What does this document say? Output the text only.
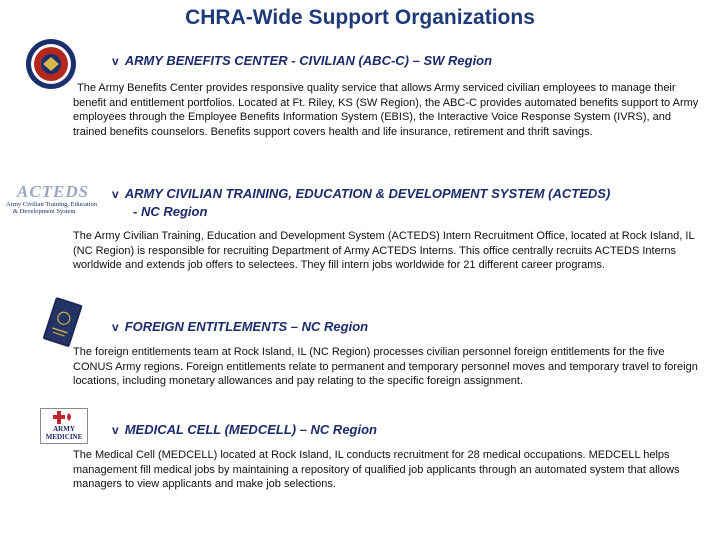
CHRA-Wide Support Organizations
v ARMY BENEFITS CENTER - CIVILIAN (ABC-C) – SW Region
The Army Benefits Center provides responsive quality service that allows Army serviced civilian employees to manage their benefit and entitlement portfolios. Located at Ft. Riley, KS (SW Region), the ABC-C provides automated benefits support to Army employees through the Employee Benefits Information System (EBIS), the Interactive Voice Response System (IVRS), and trained benefits counselors. Benefits support covers health and life insurance, retirement and thrift savings.
ACTEDS
Army Civilian Training, Education
& Development System
v ARMY CIVILIAN TRAINING, EDUCATION & DEVELOPMENT SYSTEM (ACTEDS)
- NC Region
The Army Civilian Training, Education and Development System (ACTEDS) Intern Recruitment Office, located at Rock Island, IL (NC Region) is responsible for recruiting Department of Army ACTEDS Interns. This office centrally recruits ACTEDS Interns worldwide and extends job offers to selectees. They fill intern jobs worldwide for 21 different career programs.
v FOREIGN ENTITLEMENTS – NC Region
The foreign entitlements team at Rock Island, IL (NC Region) processes civilian personnel foreign entitlements for the five CONUS Army regions. Foreign entitlements relate to permanent and temporary personnel moves and temporary travel to foreign locations, including monetary allowances and pay relating to the specific foreign assignment.
ARMY
MEDICINE	v MEDICAL CELL (MEDCELL) – NC Region
The Medical Cell (MEDCELL) located at Rock Island, IL conducts recruitment for 28 medical occupations. MEDCELL helps management fill medical jobs by maintaining a repository of qualified job applicants through an automated system that allows managers to view applicants and make job selections.
